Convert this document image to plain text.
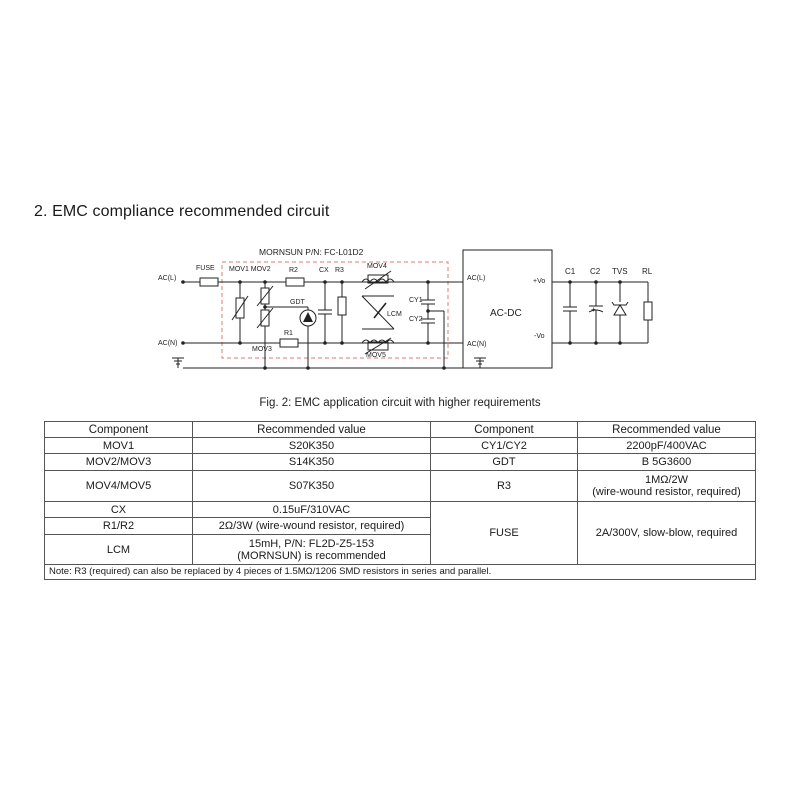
2. EMC compliance recommended circuit
MORNSUN P/N: FC-L01D2
FUSE MOV1 MOV2	R2	CX R3
MOV4
GDT
LCM
R1
MOV3
MOV5
CY1
CY2
AC(L)
AC(N)
AC(L)
AC(N)
AC-DC
+Vo
-Vo
C1 C2 TVS RL
+
Fig. 2: EMC application circuit with higher requirements
Component	Recommended value	Component	Recommended value
MOV1	S20K350	CY1/CY2	2200pF/400VAC
MOV2/MOV3	S14K350	GDT	B 5G3600
MOV4/MOV5	S07K350	R3	1MΩ/2W
(wire-wound resistor, required)

CX	0.15uF/310VAC	FUSE	2A/300V, slow-blow, required
R1/R2	2Ω/3W (wire-wound resistor, required)		
LCM	15mH, P/N: FL2D-Z5-153
(MORNSUN) is recommended		

Note: R3 (required) can also be replaced by 4 pieces of 1.5MΩ/1206 SMD resistors in series and parallel.			
